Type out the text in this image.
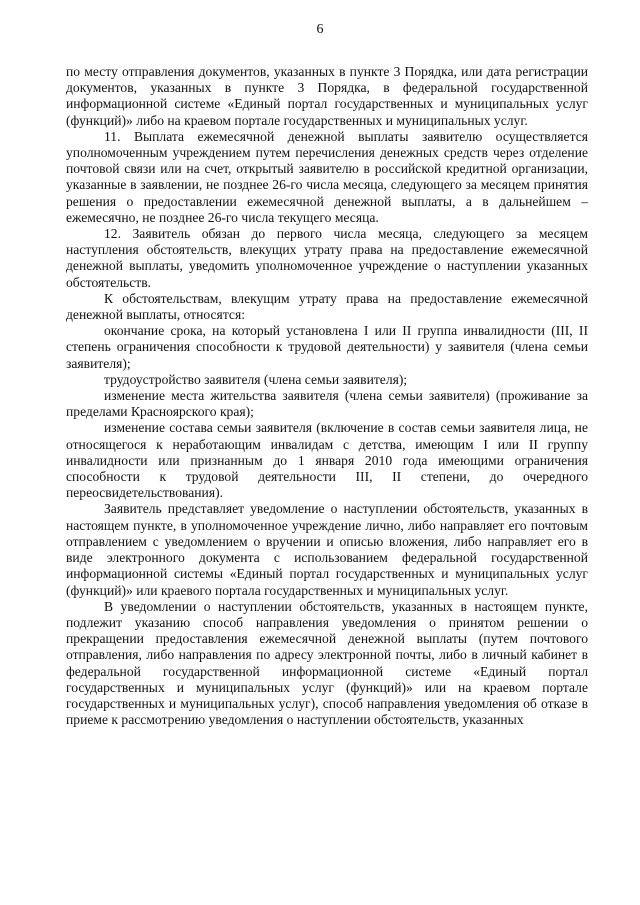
6

по месту отправления документов, указанных в пункте 3 Порядка, или дата регистрации документов, указанных в пункте 3 Порядка, в федеральной государственной информационной системе «Единый портал государственных и муниципальных услуг (функций)» либо на краевом портале государственных и муниципальных услуг.

11. Выплата ежемесячной денежной выплаты заявителю осуществляется уполномоченным учреждением путем перечисления денежных средств через отделение почтовой связи или на счет, открытый заявителю в российской кредитной организации, указанные в заявлении, не позднее 26-го числа месяца, следующего за месяцем принятия решения о предоставлении ежемесячной денежной выплаты, а в дальнейшем – ежемесячно, не позднее 26-го числа текущего месяца.

12. Заявитель обязан до первого числа месяца, следующего за месяцем наступления обстоятельств, влекущих утрату права на предоставление ежемесячной денежной выплаты, уведомить уполномоченное учреждение о наступлении указанных обстоятельств.

К обстоятельствам, влекущим утрату права на предоставление ежемесячной денежной выплаты, относятся:

окончание срока, на который установлена I или II группа инвалидности (III, II степень ограничения способности к трудовой деятельности) у заявителя (члена семьи заявителя);

трудоустройство заявителя (члена семьи заявителя);

изменение места жительства заявителя (члена семьи заявителя) (проживание за пределами Красноярского края);

изменение состава семьи заявителя (включение в состав семьи заявителя лица, не относящегося к неработающим инвалидам с детства, имеющим I или II группу инвалидности или признанным до 1 января 2010 года имеющими ограничения способности к трудовой деятельности III, II степени, до очередного переосвидетельствования).

Заявитель представляет уведомление о наступлении обстоятельств, указанных в настоящем пункте, в уполномоченное учреждение лично, либо направляет его почтовым отправлением с уведомлением о вручении и описью вложения, либо направляет его в виде электронного документа с использованием федеральной государственной информационной системы «Единый портал государственных и муниципальных услуг (функций)» или краевого портала государственных и муниципальных услуг.

В уведомлении о наступлении обстоятельств, указанных в настоящем пункте, подлежит указанию способ направления уведомления о принятом решении о прекращении предоставления ежемесячной денежной выплаты (путем почтового отправления, либо направления по адресу электронной почты, либо в личный кабинет в федеральной государственной информационной системе «Единый портал государственных и муниципальных услуг (функций)» или на краевом портале государственных и муниципальных услуг), способ направления уведомления об отказе в приеме к рассмотрению уведомления о наступлении обстоятельств, указанных
